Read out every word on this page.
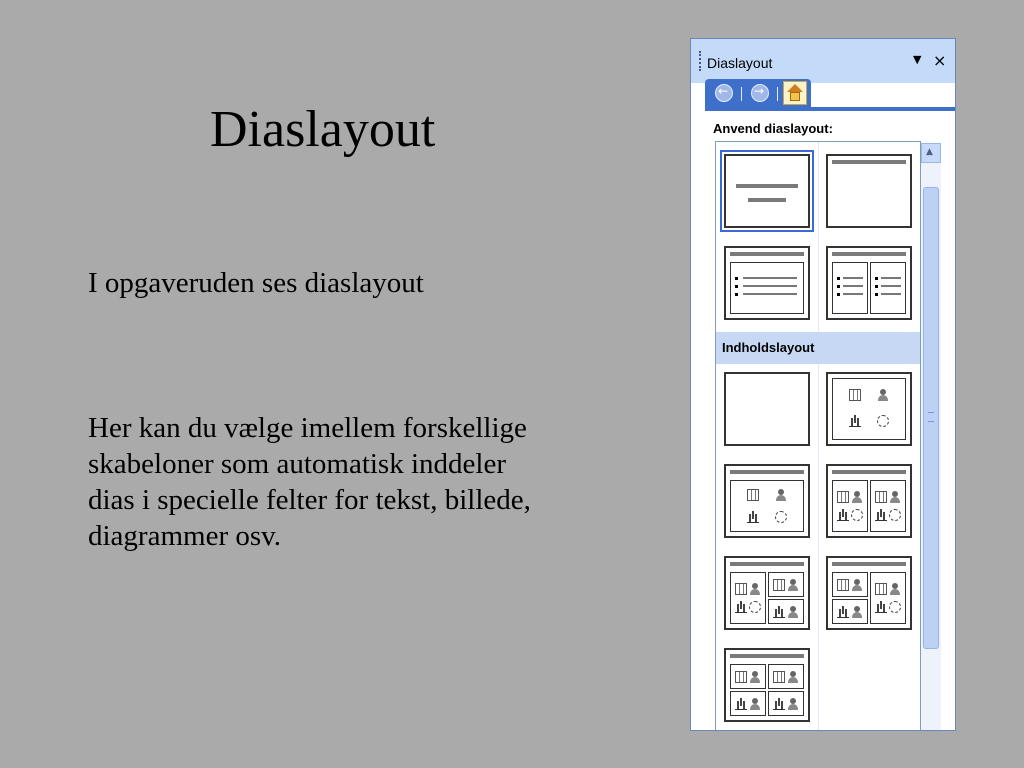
Diaslayout
I opgaveruden ses diaslayout
Her kan du vælge imellem forskellige skabeloner som automatisk inddeler dias i specielle felter for tekst, billede, diagrammer osv.
Diaslayout	▼ ×
←
→
Anvend diaslayout:
Indholdslayout
▲
